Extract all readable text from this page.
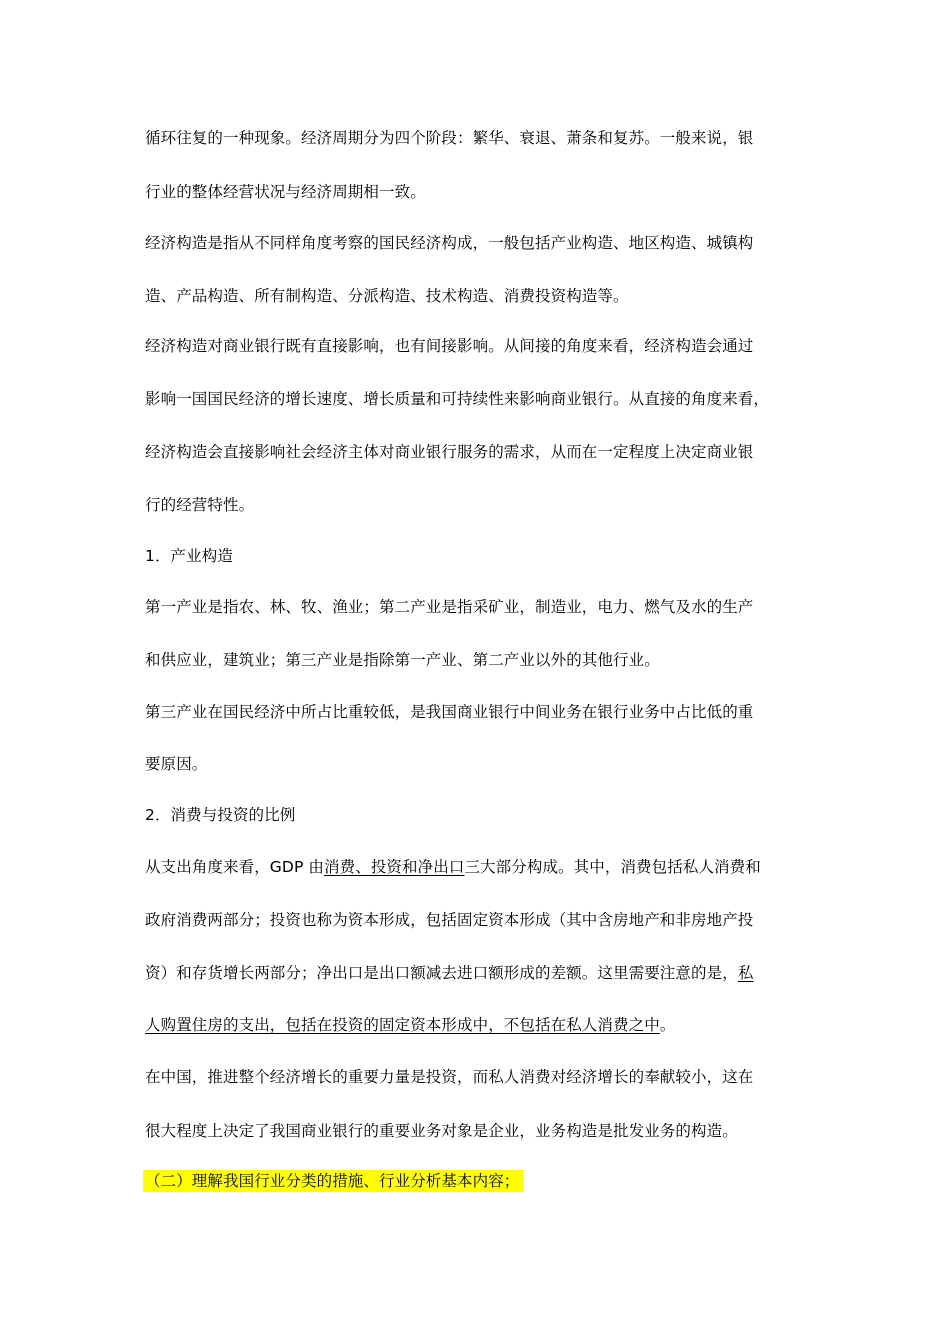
循环往复的一种现象。经济周期分为四个阶段：繁华、衰退、萧条和复苏。一般来说，银
行业的整体经营状况与经济周期相一致。
经济构造是指从不同样角度考察的国民经济构成，一般包括产业构造、地区构造、城镇构
造、产品构造、所有制构造、分派构造、技术构造、消费投资构造等。
经济构造对商业银行既有直接影响，也有间接影响。从间接的角度来看，经济构造会通过
影响一国国民经济的增长速度、增长质量和可持续性来影响商业银行。从直接的角度来看，
经济构造会直接影响社会经济主体对商业银行服务的需求，从而在一定程度上决定商业银
行的经营特性。
1．产业构造
第一产业是指农、林、牧、渔业；第二产业是指采矿业，制造业，电力、燃气及水的生产
和供应业，建筑业；第三产业是指除第一产业、第二产业以外的其他行业。
第三产业在国民经济中所占比重较低，是我国商业银行中间业务在银行业务中占比低的重
要原因。
2．消费与投资的比例
从支出角度来看，GDP 由消费、投资和净出口三大部分构成。其中，消费包括私人消费和
政府消费两部分；投资也称为资本形成，包括固定资本形成（其中含房地产和非房地产投
资）和存货增长两部分；净出口是出口额减去进口额形成的差额。这里需要注意的是，私
人购置住房的支出，包括在投资的固定资本形成中，不包括在私人消费之中。
在中国，推进整个经济增长的重要力量是投资，而私人消费对经济增长的奉献较小，这在
很大程度上决定了我国商业银行的重要业务对象是企业，业务构造是批发业务的构造。
（二）理解我国行业分类的措施、行业分析基本内容；
